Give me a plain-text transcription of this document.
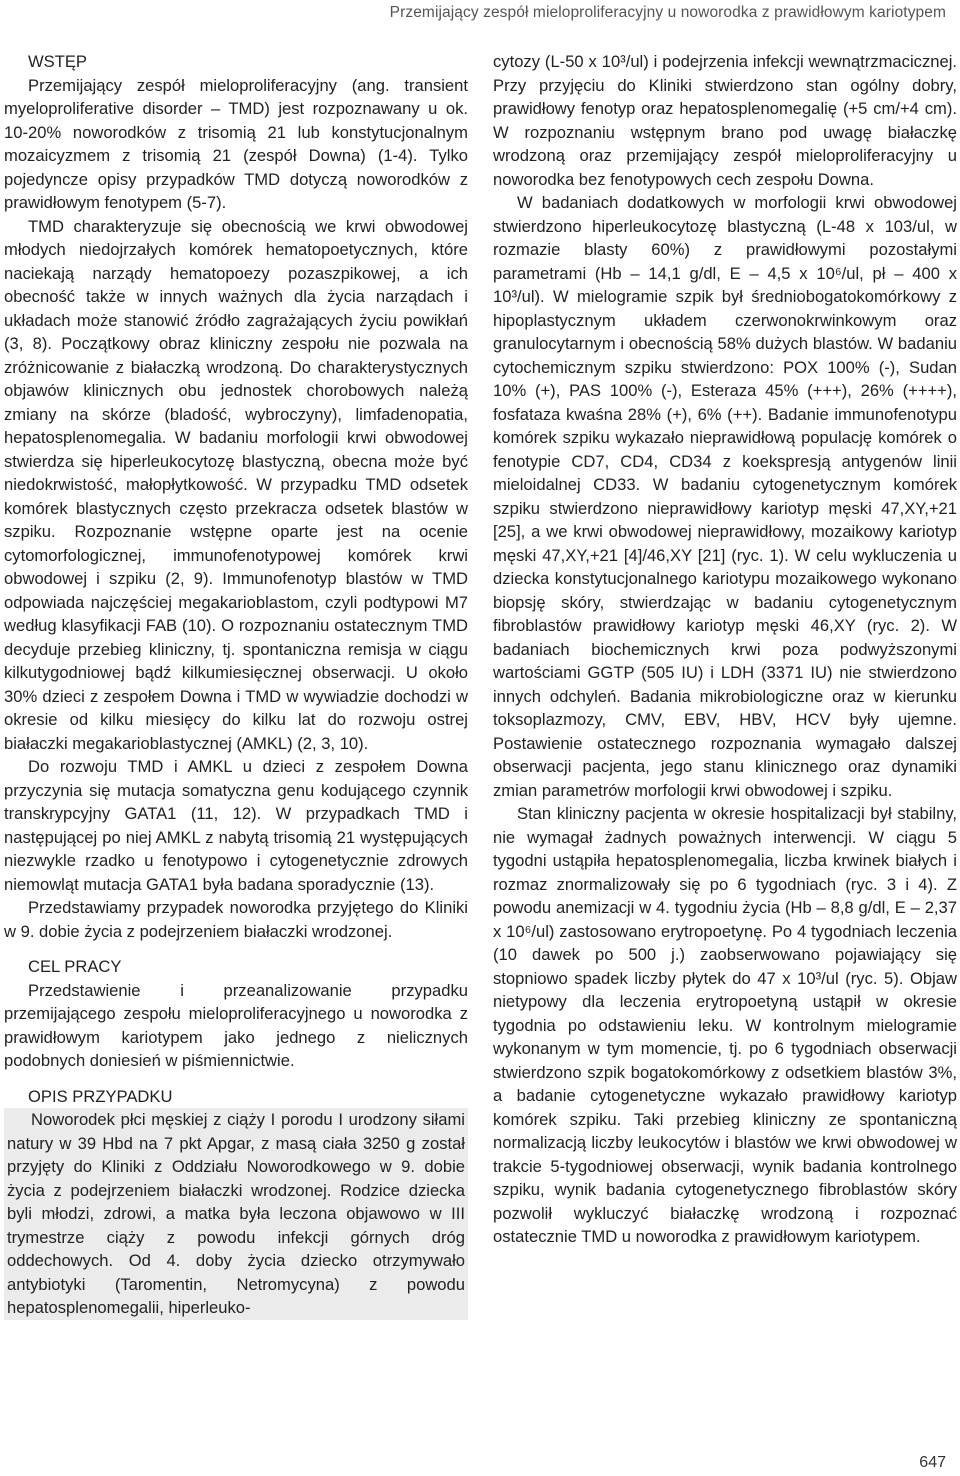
Przemijający zespół mieloproliferacyjny u noworodka z prawidłowym kariotypem

WSTĘP

Przemijający zespół mieloproliferacyjny (ang. transient myeloproliferative disorder – TMD) jest rozpoznawany u ok. 10-20% noworodków z trisomią 21 lub konstytucjonalnym mozaicyzmem z trisomią 21 (zespół Downa) (1-4). Tylko pojedyncze opisy przypadków TMD dotyczą noworodków z prawidłowym fenotypem (5-7).

TMD charakteryzuje się obecnością we krwi obwodowej młodych niedojrzałych komórek hematopoetycznych, które naciekają narządy hematopoezy pozaszpikowej, a ich obecność także w innych ważnych dla życia narządach i układach może stanowić źródło zagrażających życiu powikłań (3, 8). Początkowy obraz kliniczny zespołu nie pozwala na zróżnicowanie z białaczką wrodzoną. Do charakterystycznych objawów klinicznych obu jednostek chorobowych należą zmiany na skórze (bladość, wybroczyny), limfadenopatia, hepatosplenomegalia. W badaniu morfologii krwi obwodowej stwierdza się hiperleukocytozę blastyczną, obecna może być niedokrwistość, małopłytkowość. W przypadku TMD odsetek komórek blastycznych często przekracza odsetek blastów w szpiku. Rozpoznanie wstępne oparte jest na ocenie cytomorfologicznej, immunofenotypowej komórek krwi obwodowej i szpiku (2, 9). Immunofenotyp blastów w TMD odpowiada najczęściej megakarioblastom, czyli podtypowi M7 według klasyfikacji FAB (10). O rozpoznaniu ostatecznym TMD decyduje przebieg kliniczny, tj. spontaniczna remisja w ciągu kilkutygodniowej bądź kilkumiesięcznej obserwacji. U około 30% dzieci z zespołem Downa i TMD w wywiadzie dochodzi w okresie od kilku miesięcy do kilku lat do rozwoju ostrej białaczki megakarioblastycznej (AMKL) (2, 3, 10).

Do rozwoju TMD i AMKL u dzieci z zespołem Downa przyczynia się mutacja somatyczna genu kodującego czynnik transkrypcyjny GATA1 (11, 12). W przypadkach TMD i następującej po niej AMKL z nabytą trisomią 21 występujących niezwykle rzadko u fenotypowo i cytogenetycznie zdrowych niemowląt mutacja GATA1 była badana sporadycznie (13).

Przedstawiamy przypadek noworodka przyjętego do Kliniki w 9. dobie życia z podejrzeniem białaczki wrodzonej.

CEL PRACY

Przedstawienie i przeanalizowanie przypadku przemijającego zespołu mieloproliferacyjnego u noworodka z prawidłowym kariotypem jako jednego z nielicznych podobnych doniesień w piśmiennictwie.

OPIS PRZYPADKU

Noworodek płci męskiej z ciąży I porodu I urodzony siłami natury w 39 Hbd na 7 pkt Apgar, z masą ciała 3250 g został przyjęty do Kliniki z Oddziału Noworodkowego w 9. dobie życia z podejrzeniem białaczki wrodzonej. Rodzice dziecka byli młodzi, zdrowi, a matka była leczona objawowo w III trymestrze ciąży z powodu infekcji górnych dróg oddechowych. Od 4. doby życia dziecko otrzymywało antybiotyki (Taromentin, Netromycyna) z powodu hepatosplenomegalii, hiperleuko-

cytozy (L-50 x 10³/ul) i podejrzenia infekcji wewnątrzmacicznej. Przy przyjęciu do Kliniki stwierdzono stan ogólny dobry, prawidłowy fenotyp oraz hepatosplenomegalię (+5 cm/+4 cm). W rozpoznaniu wstępnym brano pod uwagę białaczkę wrodzoną oraz przemijający zespół mieloproliferacyjny u noworodka bez fenotypowych cech zespołu Downa.

W badaniach dodatkowych w morfologii krwi obwodowej stwierdzono hiperleukocytozę blastyczną (L-48 x 103/ul, w rozmazie blasty 60%) z prawidłowymi pozostałymi parametrami (Hb – 14,1 g/dl, E – 4,5 x 10⁶/ul, pł – 400 x 10³/ul). W mielogramie szpik był średniobogatokomórkowy z hipoplastycznym układem czerwonokrwinkowym oraz granulocytarnym i obecnością 58% dużych blastów. W badaniu cytochemicznym szpiku stwierdzono: POX 100% (-), Sudan 10% (+), PAS 100% (-), Esteraza 45% (+++), 26% (++++), fosfataza kwaśna 28% (+), 6% (++). Badanie immunofenotypu komórek szpiku wykazało nieprawidłową populację komórek o fenotypie CD7, CD4, CD34 z koekspresją antygenów linii mieloidalnej CD33. W badaniu cytogenetycznym komórek szpiku stwierdzono nieprawidłowy kariotyp męski 47,XY,+21 [25], a we krwi obwodowej nieprawidłowy, mozaikowy kariotyp męski 47,XY,+21 [4]/46,XY [21] (ryc. 1). W celu wykluczenia u dziecka konstytucjonalnego kariotypu mozaikowego wykonano biopsję skóry, stwierdzając w badaniu cytogenetycznym fibroblastów prawidłowy kariotyp męski 46,XY (ryc. 2). W badaniach biochemicznych krwi poza podwyższonymi wartościami GGTP (505 IU) i LDH (3371 IU) nie stwierdzono innych odchyleń. Badania mikrobiologiczne oraz w kierunku toksoplazmozy, CMV, EBV, HBV, HCV były ujemne. Postawienie ostatecznego rozpoznania wymagało dalszej obserwacji pacjenta, jego stanu klinicznego oraz dynamiki zmian parametrów morfologii krwi obwodowej i szpiku.

Stan kliniczny pacjenta w okresie hospitalizacji był stabilny, nie wymagał żadnych poważnych interwencji. W ciągu 5 tygodni ustąpiła hepatosplenomegalia, liczba krwinek białych i rozmaz znormalizowały się po 6 tygodniach (ryc. 3 i 4). Z powodu anemizacji w 4. tygodniu życia (Hb – 8,8 g/dl, E – 2,37 x 10⁶/ul) zastosowano erytropoetynę. Po 4 tygodniach leczenia (10 dawek po 500 j.) zaobserwowano pojawiający się stopniowo spadek liczby płytek do 47 x 10³/ul (ryc. 5). Objaw nietypowy dla leczenia erytropoetyną ustąpił w okresie tygodnia po odstawieniu leku. W kontrolnym mielogramie wykonanym w tym momencie, tj. po 6 tygodniach obserwacji stwierdzono szpik bogatokomórkowy z odsetkiem blastów 3%, a badanie cytogenetyczne wykazało prawidłowy kariotyp komórek szpiku. Taki przebieg kliniczny ze spontaniczną normalizacją liczby leukocytów i blastów we krwi obwodowej w trakcie 5-tygodniowej obserwacji, wynik badania kontrolnego szpiku, wynik badania cytogenetycznego fibroblastów skóry pozwolił wykluczyć białaczkę wrodzoną i rozpoznać ostatecznie TMD u noworodka z prawidłowym kariotypem.

647
